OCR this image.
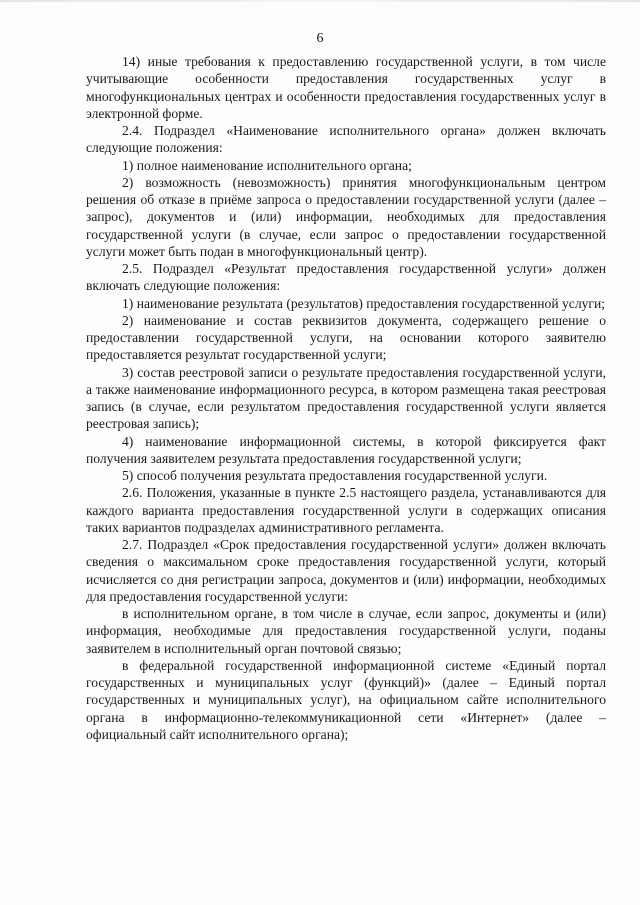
6

14) иные требования к предоставлению государственной услуги, в том числе учитывающие особенности предоставления государственных услуг в многофункциональных центрах и особенности предоставления государственных услуг в электронной форме.

2.4. Подраздел «Наименование исполнительного органа» должен включать следующие положения:

1) полное наименование исполнительного органа;

2) возможность (невозможность) принятия многофункциональным центром решения об отказе в приёме запроса о предоставлении государственной услуги (далее – запрос), документов и (или) информации, необходимых для предоставления государственной услуги (в случае, если запрос о предоставлении государственной услуги может быть подан в многофункциональный центр).

2.5. Подраздел «Результат предоставления государственной услуги» должен включать следующие положения:

1) наименование результата (результатов) предоставления государственной услуги;

2) наименование и состав реквизитов документа, содержащего решение о предоставлении государственной услуги, на основании которого заявителю предоставляется результат государственной услуги;

3) состав реестровой записи о результате предоставления государственной услуги, а также наименование информационного ресурса, в котором размещена такая реестровая запись (в случае, если результатом предоставления государственной услуги является реестровая запись);

4) наименование информационной системы, в которой фиксируется факт получения заявителем результата предоставления государственной услуги;

5) способ получения результата предоставления государственной услуги.

2.6. Положения, указанные в пункте 2.5 настоящего раздела, устанавливаются для каждого варианта предоставления государственной услуги в содержащих описания таких вариантов подразделах административного регламента.

2.7. Подраздел «Срок предоставления государственной услуги» должен включать сведения о максимальном сроке предоставления государственной услуги, который исчисляется со дня регистрации запроса, документов и (или) информации, необходимых для предоставления государственной услуги:

в исполнительном органе, в том числе в случае, если запрос, документы и (или) информация, необходимые для предоставления государственной услуги, поданы заявителем в исполнительный орган почтовой связью;

в федеральной государственной информационной системе «Единый портал государственных и муниципальных услуг (функций)» (далее – Единый портал государственных и муниципальных услуг), на официальном сайте исполнительного органа в информационно-телекоммуникационной сети «Интернет» (далее – официальный сайт исполнительного органа);
